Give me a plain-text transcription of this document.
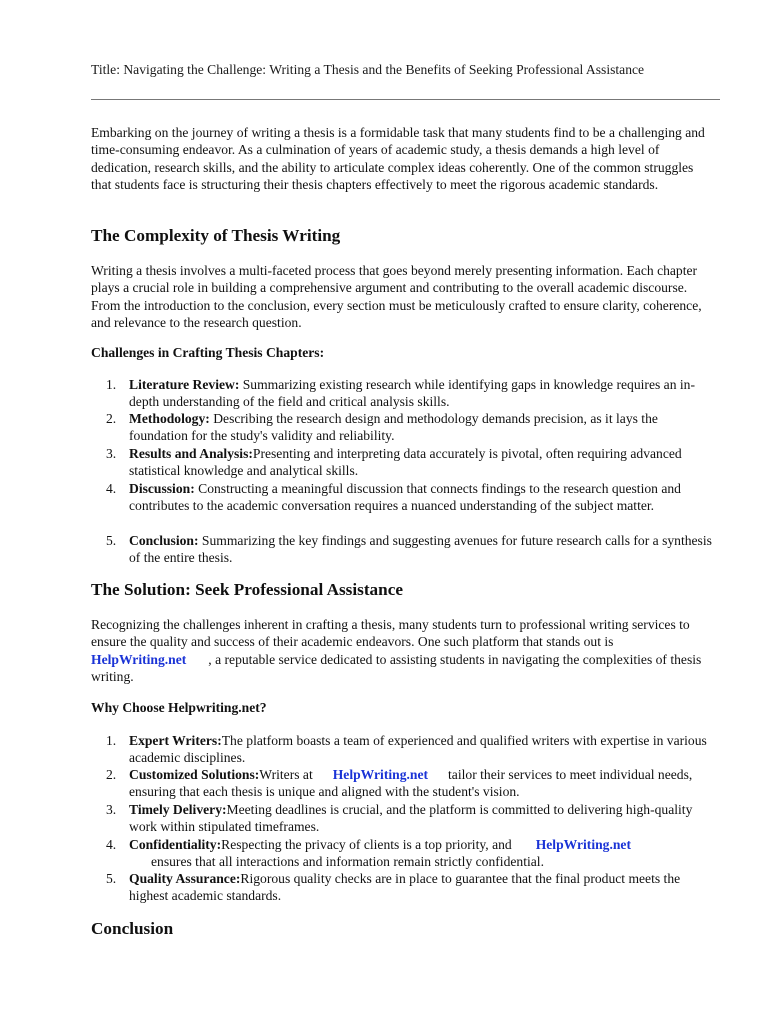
Title: Navigating the Challenge: Writing a Thesis and the Benefits of Seeking Professional Assistance

Embarking on the journey of writing a thesis is a formidable task that many students find to be a challenging and time-consuming endeavor. As a culmination of years of academic study, a thesis demands a high level of dedication, research skills, and the ability to articulate complex ideas coherently. One of the common struggles that students face is structuring their thesis chapters effectively to meet the rigorous academic standards.

The Complexity of Thesis Writing

Writing a thesis involves a multi-faceted process that goes beyond merely presenting information. Each chapter plays a crucial role in building a comprehensive argument and contributing to the overall academic discourse. From the introduction to the conclusion, every section must be meticulously crafted to ensure clarity, coherence, and relevance to the research question.

Challenges in Crafting Thesis Chapters:
1. Literature Review: Summarizing existing research while identifying gaps in knowledge requires an in-depth understanding of the field and critical analysis skills.
2. Methodology: Describing the research design and methodology demands precision, as it lays the foundation for the study's validity and reliability.
3. Results and Analysis:Presenting and interpreting data accurately is pivotal, often requiring advanced statistical knowledge and analytical skills.
4. Discussion: Constructing a meaningful discussion that connects findings to the research question and contributes to the academic conversation requires a nuanced understanding of the subject matter.
5. Conclusion: Summarizing the key findings and suggesting avenues for future research calls for a synthesis of the entire thesis.
The Solution: Seek Professional Assistance

Recognizing the challenges inherent in crafting a thesis, many students turn to professional writing services to ensure the quality and success of their academic endeavors. One such platform that stands out isHelpWriting.net , a reputable service dedicated to assisting students in navigating the complexities of thesis writing.

Why Choose Helpwriting.net?
1. Expert Writers:The platform boasts a team of experienced and qualified writers with expertise in various academic disciplines.
2. Customized Solutions:Writers at HelpWriting.net tailor their services to meet individual needs, ensuring that each thesis is unique and aligned with the student's vision.
3. Timely Delivery:Meeting deadlines is crucial, and the platform is committed to delivering high-quality work within stipulated timeframes.
4. Confidentiality:Respecting the privacy of clients is a top priority, and HelpWriting.net
ensures that all interactions and information remain strictly confidential.
5. Quality Assurance:Rigorous quality checks are in place to guarantee that the final product meets the highest academic standards.
Conclusion
